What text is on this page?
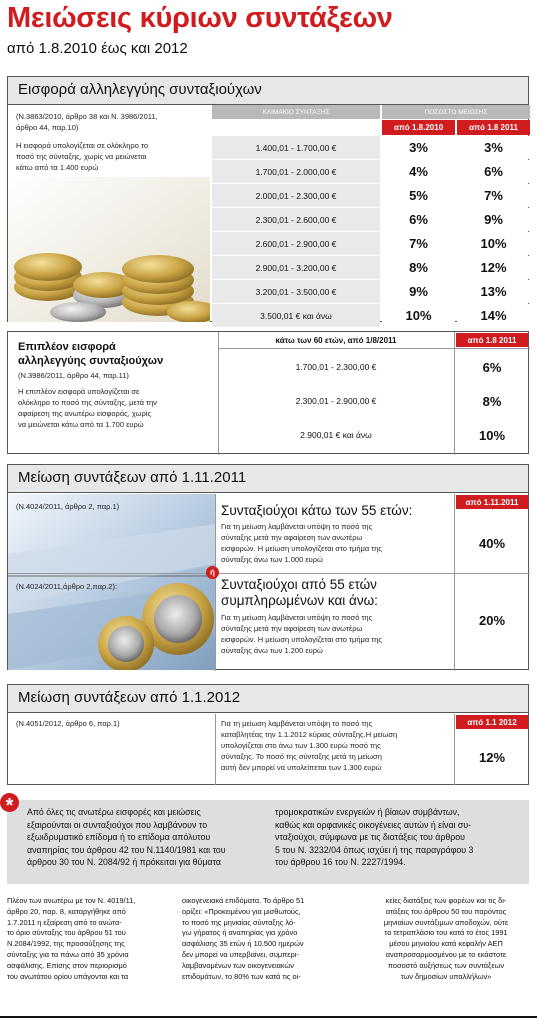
Μειώσεις κύριων συντάξεων
από 1.8.2010 έως και 2012
Εισφορά αλληλεγγύης συνταξιούχων
(Ν.3863/2010, άρθρο 38 και Ν. 3986/2011,
άρθρο 44, παρ.10)
Η εισφορά υπολογίζεται σε ολόκληρο το
ποσό της σύνταξης, χωρίς να μειώνεται
κάτω από τα 1.400 ευρώ
ΚΛΙΜΑΚΙΟ ΣΥΝΤΑΞΗΣ	ΠΟΣΟΣΤΟ ΜΕΙΩΣΗΣ
από 1.8.2010	από 1.8 2011
1.400,01 - 1.700,00 €	3%	3%
1.700,01 - 2.000,00 €	4%	6%
2.000,01 - 2.300,00 €	5%	7%
2.300,01 - 2.600,00 €	6%	9%
2.600,01 - 2.900,00 €	7%	10%
2.900,01 - 3.200,00 €	8%	12%
3.200,01 - 3.500,00 €	9%	13%
3.500,01 € και άνω	10%	14%
Επιπλέον εισφορά
αλληλεγγύης συνταξιούχων
(Ν.3986/2011, άρθρο 44, παρ.11)
Η επιπλέον εισφορά υπολογίζεται σε
ολόκληρο το ποσό της σύνταξης, μετά την
αφαίρεση της ανωτέρω εισφοράς, χωρίς
να μειώνεται κάτω από τα 1.700 ευρώ
κάτω των 60 ετών, από 1/8/2011	από 1.8 2011
1.700,01 - 2.300,00 €	6%
2.300,01 - 2.900,00 €	8%
2.900,01 € και άνω	10%
Μείωση συντάξεων από 1.11.2011
(Ν.4024/2011, άρθρο 2, παρ.1)
(Ν.4024/2011,άρθρο 2,παρ.2):
ή
από 1.11.2011
Συνταξιούχοι κάτω των 55 ετών:
Για τη μείωση λαμβάνεται υπόψη το ποσό της
σύνταξης μετά την αφαίρεση των ανωτέρω
εισφορών. Η μείωση υπολογίζεται στο τμήμα της
σύνταξης άνω των 1.000 ευρώ
40%
Συνταξιούχοι από 55 ετών
συμπληρωμένων και άνω:
Για τη μείωση λαμβάνεται υπόψη το ποσό της
σύνταξης μετά την αφαίρεση των ανωτέρω
εισφορών. Η μείωση υπολογίζεται στο τμήμα της
σύνταξης άνω των 1.200 ευρώ
20%
Μείωση συντάξεων από 1.1.2012
(Ν.4051/2012, άρθρο 6, παρ.1)	Για τη μείωση λαμβάνεται υπόψη το ποσό της
καταβλητέας την 1.1.2012 κύριας σύνταξης.Η μείωση
υπολογίζεται στο άνω των 1.300 ευρώ ποσό της
σύνταξης. Το ποσό της σύνταξης μετά τη μείωση
αυτή δεν μπορεί να υπολείπεται των 1.300 ευρώ
από 1.1 2012
12%
* Από όλες τις ανωτέρω εισφορές και μειώσεις
εξαιρούνται οι συνταξιούχοι που λαμβάνουν το
εξωιδρυματικό επίδομα ή το επίδομα απόλυτου
αναπηρίας του άρθρου 42 του Ν.1140/1981 και του
άρθρου 30 του Ν. 2084/92 ή πρόκειται για θύματα
τρομοκρατικών ενεργειών ή βίαιων συμβάντων,
καθώς και ορφανικές οικογένειες αυτών ή είναι συ-
νταξιούχοι, σύμφωνα με τις διατάξεις του άρθρου
5 του Ν. 3232/04 όπως ισχύει ή της παραγράφου 3
του άρθρου 16 του Ν. 2227/1994.
Πλέον των ανωτέρω με τον Ν. 4019/11,
άρθρο 20, παρ. 8, καταργήθηκε από
1.7.2011 η εξαίρεση από το ανώτα-
το όριο σύνταξης του άρθρου 51 του
Ν.2084/1992, της προσαύξησης της
σύνταξης για τα πάνω από 35 χρόνια
ασφάλισης. Επίσης στον περιορισμό
του ανωτάτου ορίου υπάγονται και τα
οικογενειακά επιδόματα. Το άρθρο 51
ορίζει: «Προκειμένου για μισθωτούς,
το ποσό της μηνιαίας σύνταξης λό-
γω γήρατος ή αναπηρίας για χρόνο
ασφάλισης 35 ετών ή 10.500 ημερών
δεν μπορεί να υπερβαίνει, συμπερι-
λαμβανομένων των οικογενειακών
επιδομάτων, το 80% των κατά τις οι-
κείες διατάξεις των φορέων και τις δι-
ατάξεις του άρθρου 50 του παρόντος
μηνιαίων συντάξιμων αποδοχών, ούτε
το τετραπλάσιο του κατά το έτος 1991
μέσου μηνιαίου κατά κεφαλήν ΑΕΠ
αναπροσαρμοσμένου με το εκάστοτε
ποσοστό αυξήσεως των συντάξεων
των δημοσίων υπαλλήλων»
